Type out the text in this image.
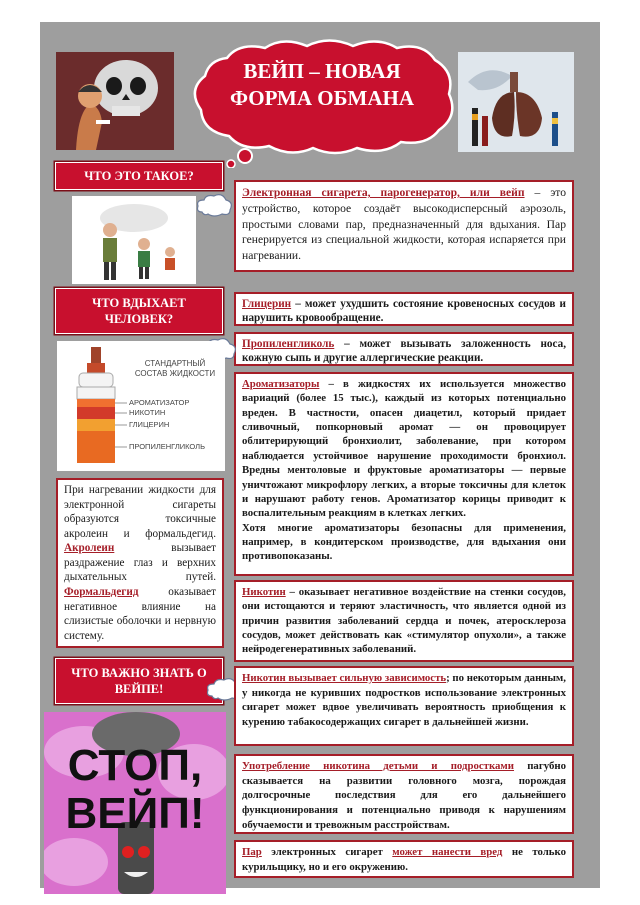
ВЕЙП – НОВАЯ
ФОРМА ОБМАНА
ЧТО ЭТО ТАКОЕ?

Электронная сигарета, парогенератор, или вейп – это устройство, которое создаёт высокодисперсный аэрозоль, простыми словами пар, предназначенный для вдыхания. Пар генерируется из специальной жидкости, которая испаряется при нагревании.

ЧТО ВДЫХАЕТ
ЧЕЛОВЕК?

Глицерин – может ухудшить состояние кровеносных сосудов и нарушить кровообращение.

Пропиленгликоль – может вызывать заложенность носа, кожную сыпь и другие аллергические реакции.

СТАНДАРТНЫЙ
СОСТАВ ЖИДКОСТИ
АРОМАТИЗАТОР
НИКОТИН
ГЛИЦЕРИН
ПРОПИЛЕНГЛИКОЛЬ

Ароматизаторы – в жидкостях их используется множество вариаций (более 15 тыс.), каждый из которых потенциально вреден. В частности, опасен диацетил, который придает сливочный, попкорновый аромат — он провоцирует облитерирующий бронхиолит, заболевание, при котором наблюдается устойчивое нарушение проходимости бронхиол. Вредны ментоловые и фруктовые ароматизаторы — первые уничтожают микрофлору легких, а вторые токсичны для клеток и нарушают работу генов. Ароматизатор корицы приводит к воспалительным реакциям в клетках легких.

Хотя многие ароматизаторы безопасны для применения, например, в кондитерском производстве, для вдыхания они противопоказаны.

При нагревании жидкости для электронной сигареты образуются токсичные акролеин и формальдегид. Акролеин вызывает раздражение глаз и верхних дыхательных путей. Формальдегид оказывает негативное влияние на слизистые оболочки и нервную систему.

Никотин – оказывает негативное воздействие на стенки сосудов, они истощаются и теряют эластичность, что является одной из причин развития заболеваний сердца и почек, атеросклероза сосудов, может действовать как «стимулятор опухоли», а также нейродегенеративных заболеваний.

ЧТО ВАЖНО ЗНАТЬ О
ВЕЙПЕ!

Никотин вызывает сильную зависимость; по некоторым данным, у никогда не куривших подростков использование электронных сигарет может вдвое увеличивать вероятность приобщения к курению табакосодержащих сигарет в дальнейшей жизни.

СТОП,
ВЕЙП!

Употребление никотина детьми и подростками пагубно сказывается на развитии головного мозга, порождая долгосрочные последствия для его дальнейшего функционирования и потенциально приводя к нарушениям обучаемости и тревожным расстройствам.

Пар электронных сигарет может нанести вред не только курильщику, но и его окружению.
